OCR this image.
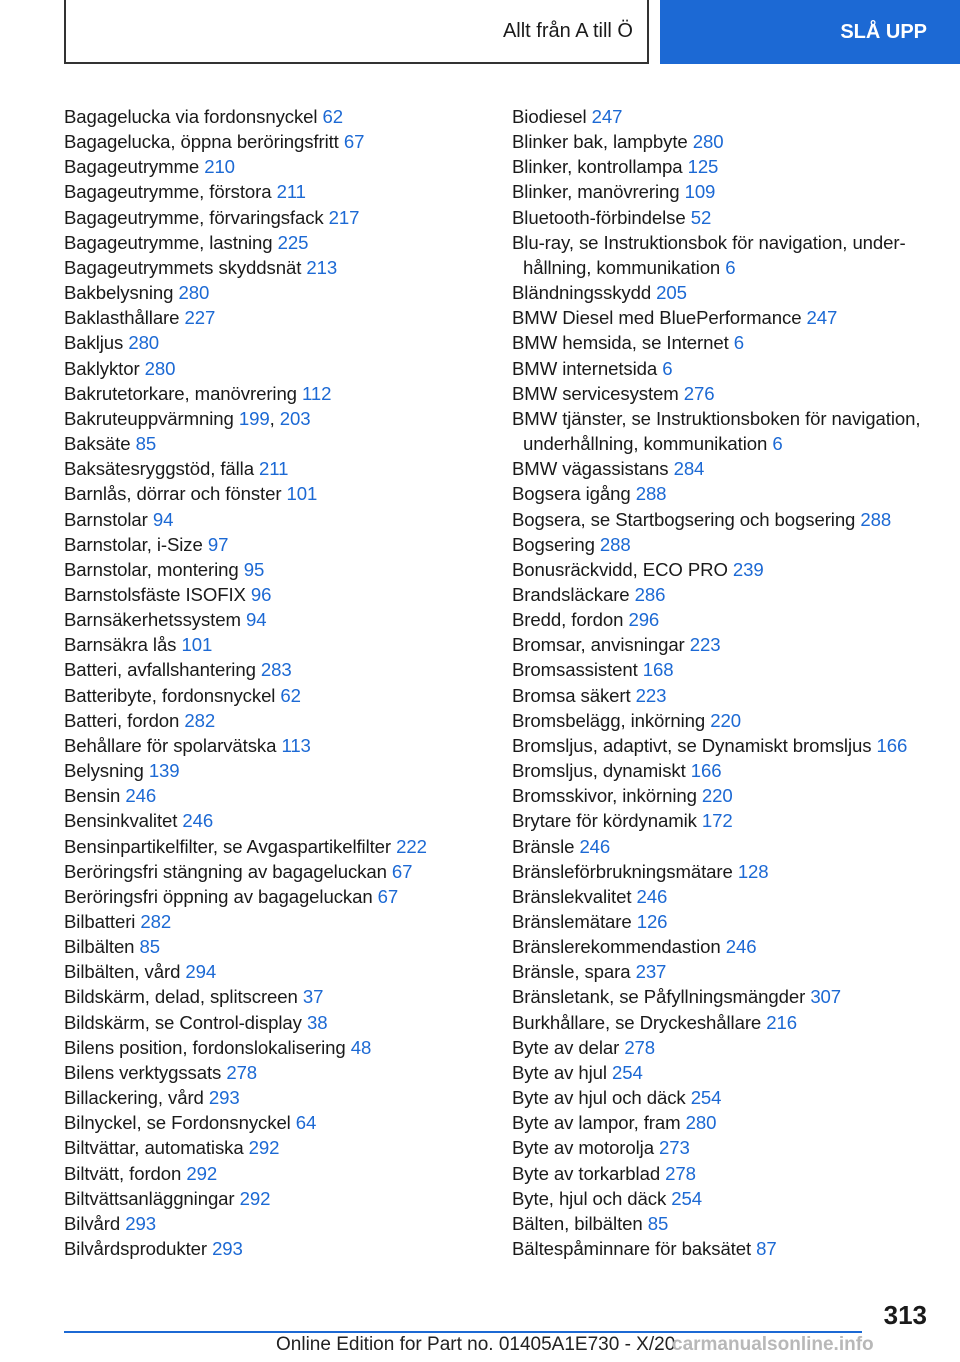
Allt från A till Ö	SLÅ UPP
Bagagelucka via fordonsnyckel 62
Bagagelucka, öppna beröringsfritt 67
Bagageutrymme 210
Bagageutrymme, förstora 211
Bagageutrymme, förvaringsfack 217
Bagageutrymme, lastning 225
Bagageutrymmets skyddsnät 213
Bakbelysning 280
Baklasthållare 227
Bakljus 280
Baklyktor 280
Bakrutetorkare, manövrering 112
Bakruteuppvärmning 199, 203
Baksäte 85
Baksätesryggstöd, fälla 211
Barnlås, dörrar och fönster 101
Barnstolar 94
Barnstolar, i-Size 97
Barnstolar, montering 95
Barnstolsfäste ISOFIX 96
Barnsäkerhetssystem 94
Barnsäkra lås 101
Batteri, avfallshantering 283
Batteribyte, fordonsnyckel 62
Batteri, fordon 282
Behållare för spolarvätska 113
Belysning 139
Bensin 246
Bensinkvalitet 246
Bensinpartikelfilter, se Avgaspartikelfilter 222
Beröringsfri stängning av bagageluckan 67
Beröringsfri öppning av bagageluckan 67
Bilbatteri 282
Bilbälten 85
Bilbälten, vård 294
Bildskärm, delad, splitscreen 37
Bildskärm, se Control-display 38
Bilens position, fordonslokalisering 48
Bilens verktygssats 278
Billackering, vård 293
Bilnyckel, se Fordonsnyckel 64
Biltvättar, automatiska 292
Biltvätt, fordon 292
Biltvättsanläggningar 292
Bilvård 293
Bilvårdsprodukter 293
Biodiesel 247
Blinker bak, lampbyte 280
Blinker, kontrollampa 125
Blinker, manövrering 109
Bluetooth-förbindelse 52
Blu-ray, se Instruktionsbok för navigation, underhållning, kommunikation 6
Bländningsskydd 205
BMW Diesel med BluePerformance 247
BMW hemsida, se Internet 6
BMW internetsida 6
BMW servicesystem 276
BMW tjänster, se Instruktionsboken för navigation, underhållning, kommunikation 6
BMW vägassistans 284
Bogsera igång 288
Bogsera, se Startbogsering och bogsering 288
Bogsering 288
Bonusräckvidd, ECO PRO 239
Brandsläckare 286
Bredd, fordon 296
Bromsar, anvisningar 223
Bromsassistent 168
Bromsa säkert 223
Bromsbelägg, inkörning 220
Bromsljus, adaptivt, se Dynamiskt bromsljus 166
Bromsljus, dynamiskt 166
Bromsskivor, inkörning 220
Brytare för kördynamik 172
Bränsle 246
Bränsleförbrukningsmätare 128
Bränslekvalitet 246
Bränslemätare 126
Bränslerekommendastion 246
Bränsle, spara 237
Bränsletank, se Påfyllningsmängder 307
Burkhållare, se Dryckeshållare 216
Byte av delar 278
Byte av hjul 254
Byte av hjul och däck 254
Byte av lampor, fram 280
Byte av motorolja 273
Byte av torkarblad 278
Byte, hjul och däck 254
Bälten, bilbälten 85
Bältespåminnare för baksätet 87
313
Online Edition for Part no. 01405A1E730 - X/20
carmanualsonline.info
